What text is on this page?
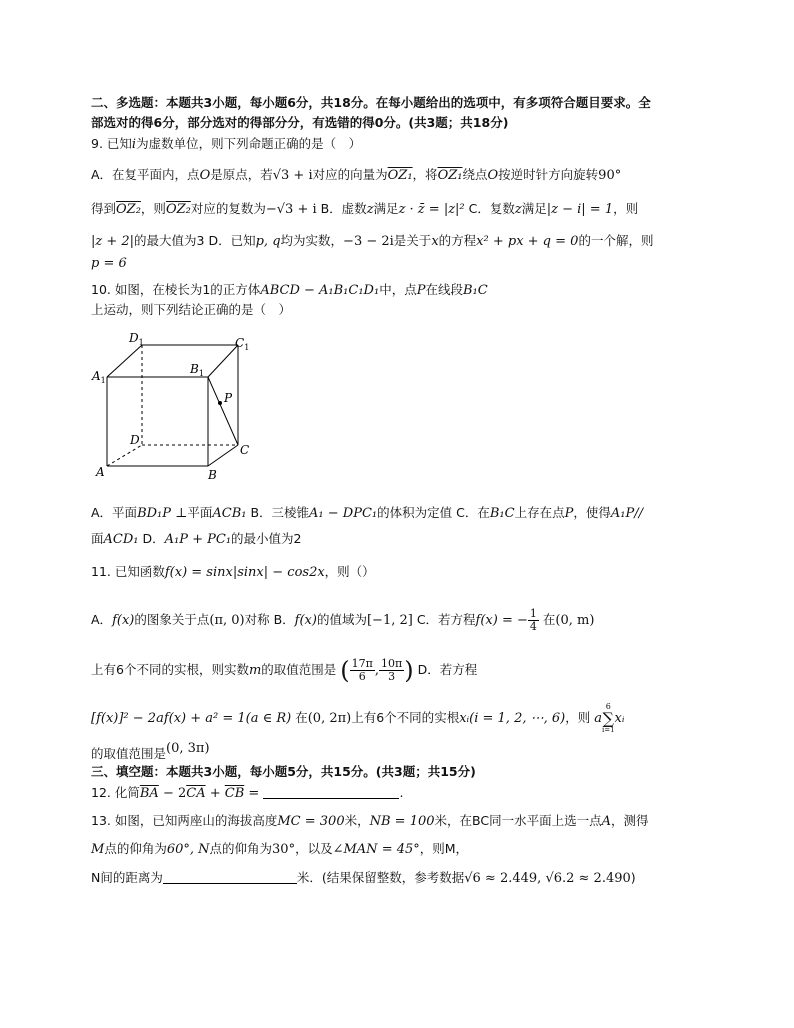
二、多选题：本题共3小题，每小题6分，共18分。在每小题给出的选项中，有多项符合题目要求。全
部选对的得6分，部分选对的得部分分，有选错的得0分。(共3题；共18分)
9. 已知i为虚数单位，则下列命题正确的是（　）
A．在复平面内，点O是原点，若√3 + i对应的向量为OZ₁，将OZ₁绕点O按逆时针方向旋转90°
得到OZ₂，则OZ₂对应的复数为−√3 + i B．虚数z满足z · z̄ = |z|² C．复数z满足|z − i| = 1，则
|z + 2|的最大值为3 D．已知p, q均为实数，−3 − 2i是关于x的方程x² + px + q = 0的一个解，则
p = 6
10. 如图，在棱长为1的正方体ABCD − A₁B₁C₁D₁中，点P在线段B₁C
上运动，则下列结论正确的是（　）
$D_1$	$C_1$
$A_1$
$B_1$
P
D
C
A	B
A．平面BD₁P ⊥平面ACB₁ B．三棱锥A₁ − DPC₁的体积为定值 C．在B₁C上存在点P，使得A₁P//
面ACD₁ D．A₁P + PC₁的最小值为2
11. 已知函数f(x) = sinx|sinx| − cos2x，则（）
A．f(x)的图象关于点(π, 0)对称 B．f(x)的值域为[−1, 2] C．若方程f(x) = − $\frac{1}{4}$ 在(0, m)
上有6个不同的实根，则实数m的取值范围是 ( $\frac{17\pi}{6}$ , $\frac{10\pi}{3}$ ) D．若方程
[f(x)]² − 2af(x) + a² = 1(a ∈ R) 在(0, 2π)上有6个不同的实根xᵢ(i = 1, 2, ⋯, 6)，则 a
6
∑
i=1
xᵢ
的取值范围是(0, 3π)
三、填空题：本题共3小题，每小题5分，共15分。(共3题；共15分)
12. 化简$\overline{BA} - 2\overline{CA} + \overline{CB}$ =	.
13. 如图，已知两座山的海拔高度MC = 300米，NB = 100米，在BC同一水平面上选一点A，测得
M点的仰角为60°, N点的仰角为30°，以及∠MAN = 45°，则M，
N间的距离为	米．(结果保留整数，参考数据√6 ≈ 2.449, √6.2 ≈ 2.490)
